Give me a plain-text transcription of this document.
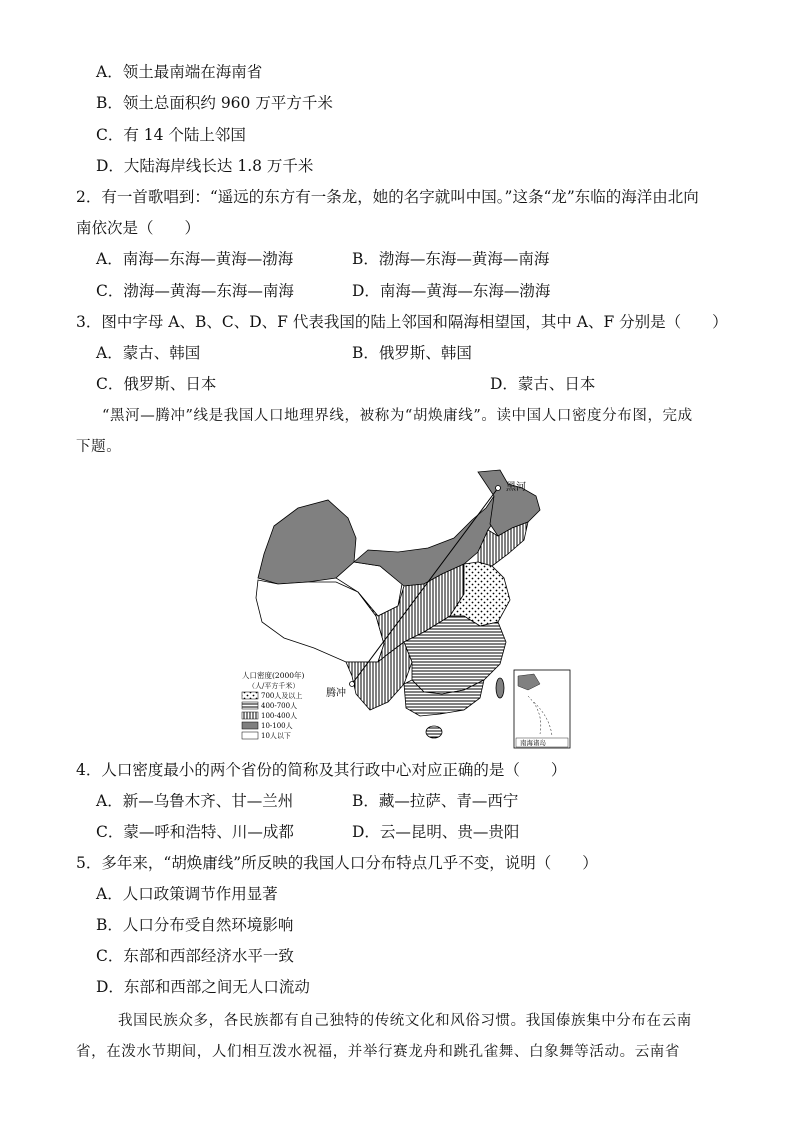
A．领土最南端在海南省
B．领土总面积约 960 万平方千米
C．有 14 个陆上邻国
D．大陆海岸线长达 1.8 万千米
2．有一首歌唱到：“遥远的东方有一条龙，她的名字就叫中国。”这条“龙”东临的海洋由北向
南依次是（　　）
A．南海—东海—黄海—渤海	B．渤海—东海—黄海—南海
C．渤海—黄海—东海—南海	D．南海—黄海—东海—渤海
3．图中字母 A、B、C、D、F 代表我国的陆上邻国和隔海相望国，其中 A、F 分别是（　　）
A．蒙古、韩国	B．俄罗斯、韩国
C．俄罗斯、日本	D．蒙古、日本
“黑河—腾冲”线是我国人口地理界线，被称为“胡焕庸线”。读中国人口密度分布图，完成
下题。
黑河
腾冲
人口密度(2000年)
（人/平方千米）
700人及以上
400-700人
100-400人
10-100人
10人以下
南海诸岛
4．人口密度最小的两个省份的简称及其行政中心对应正确的是（　　）
A．新—乌鲁木齐、甘—兰州	B．藏—拉萨、青—西宁
C．蒙—呼和浩特、川—成都	D．云—昆明、贵—贵阳
5．多年来，“胡焕庸线”所反映的我国人口分布特点几乎不变，说明（　　）
A．人口政策调节作用显著
B．人口分布受自然环境影响
C．东部和西部经济水平一致
D．东部和西部之间无人口流动
我国民族众多，各民族都有自己独特的传统文化和风俗习惯。我国傣族集中分布在云南
省，在泼水节期间，人们相互泼水祝福，并举行赛龙舟和跳孔雀舞、白象舞等活动。云南省
